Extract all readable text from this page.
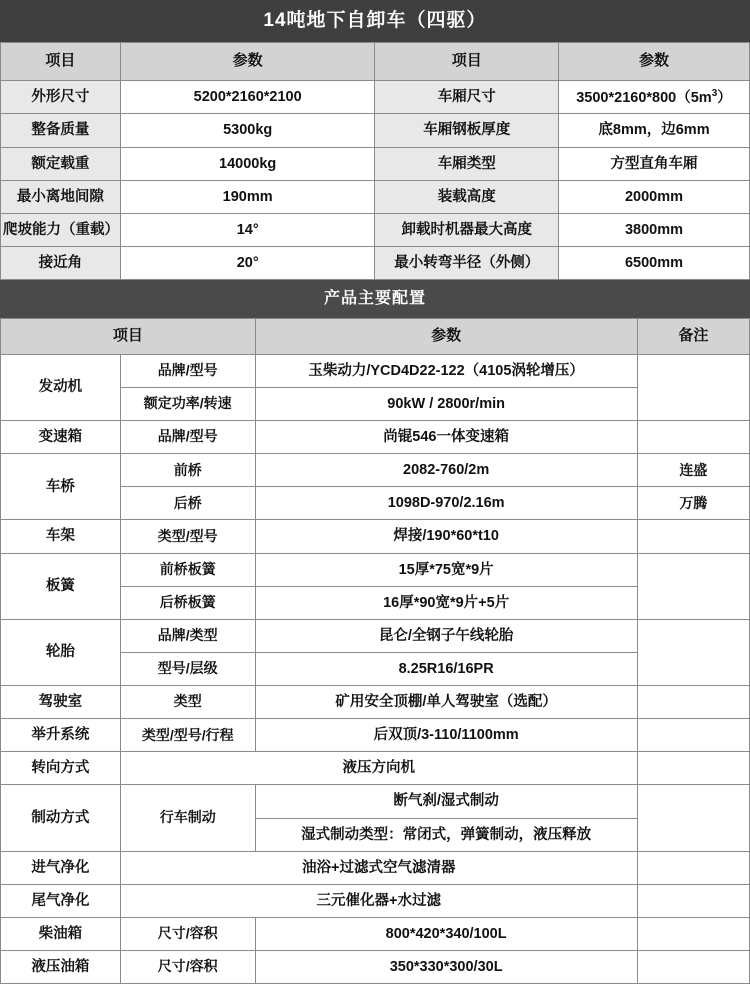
14吨地下自卸车（四驱）
项目	参数	项目	参数
外形尺寸	5200*2160*2100	车厢尺寸	$3500*2160*800(5m^3)$
整备质量	5300kg	车厢钢板厚度	底8mm，边6mm
额定载重	14000kg	车厢类型	方型直角车厢
最小离地间隙	190mm	装载高度	2000mm
爬坡能力（重载）	14°	卸载时机器最大高度	3800mm
接近角	20°	最小转弯半径（外侧）	6500mm
产品主要配置
项目		参数	备注
发动机	品牌/型号	玉柴动力/YCD4D22-122（4105涡轮增压）	
	额定功率/转速	90kW / 2800r/min	
变速箱	品牌/型号	尚锟546一体变速箱	
车桥	前桥	2082-760/2m	连盛
	后桥	1098D-970/2.16m	万腾
车架	类型/型号	焊接/190*60*t10	
板簧	前桥板簧	15厚*75宽*9片	
	后桥板簧	16厚*90宽*9片+5片	
轮胎	品牌/类型	昆仑/全钢子午线轮胎	
	型号/层级	8.25R16/16PR	
驾驶室	类型	矿用安全顶棚/单人驾驶室（选配）	
举升系统	类型/型号/行程	后双顶/3-110/1100mm	
转向方式	液压方向机		
制动方式	行车制动	断气刹/湿式制动	
		湿式制动类型：常闭式，弹簧制动，液压释放	
进气净化	油浴+过滤式空气滤清器		
尾气净化	三元催化器+水过滤		
柴油箱	尺寸/容积	800*420*340/100L	
液压油箱	尺寸/容积	350*330*300/30L	
